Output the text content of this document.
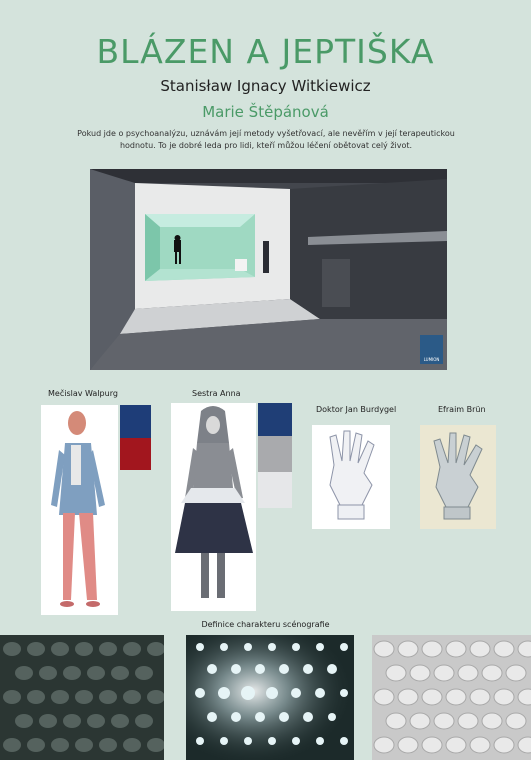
BLÁZEN A JEPTIŠKA
Stanisław Ignacy Witkiewicz
Marie Štěpánová
Pokud jde o psychoanalýzu, uznávám její metody vyšetřovací, ale nevěřím v její terapeutickou hodnotu. To je dobré leda pro lidi, kteří můžou léčení obětovat celý život.
LUMION
Mečislav Walpurg	Sestra Anna
Doktor Jan Burdygel	Efraim Brün
Definice charakteru scénografie
